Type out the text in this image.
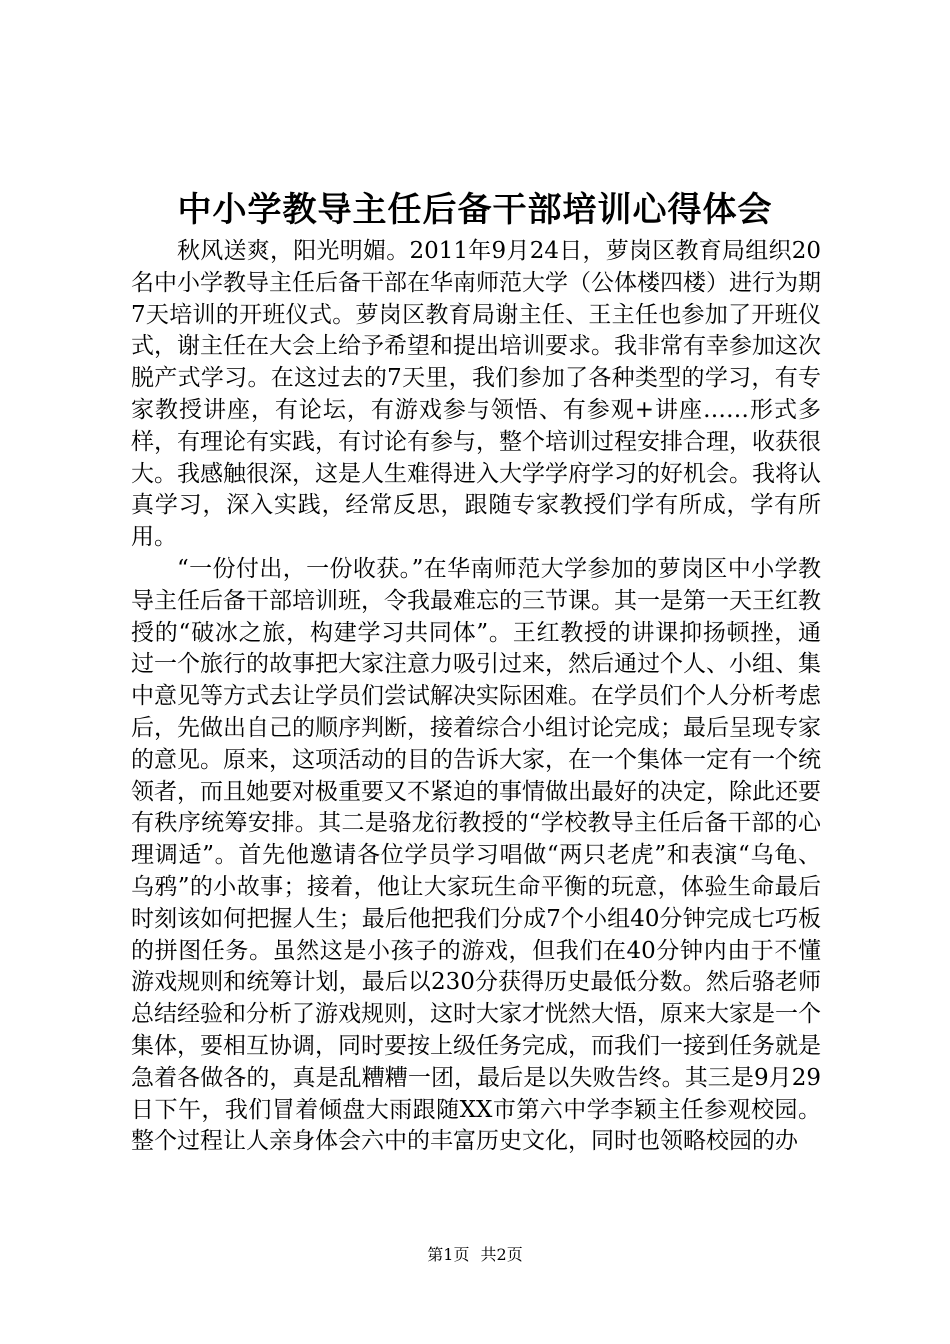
中小学教导主任后备干部培训心得体会

秋风送爽，阳光明媚。2011年9月24日，萝岗区教育局组织20名中小学教导主任后备干部在华南师范大学（公体楼四楼）进行为期7天培训的开班仪式。萝岗区教育局谢主任、王主任也参加了开班仪式，谢主任在大会上给予希望和提出培训要求。我非常有幸参加这次脱产式学习。在这过去的7天里，我们参加了各种类型的学习，有专家教授讲座，有论坛，有游戏参与领悟、有参观+讲座……形式多样，有理论有实践，有讨论有参与，整个培训过程安排合理，收获很大。我感触很深，这是人生难得进入大学学府学习的好机会。我将认真学习，深入实践，经常反思，跟随专家教授们学有所成，学有所用。

“一份付出，一份收获。”在华南师范大学参加的萝岗区中小学教导主任后备干部培训班，令我最难忘的三节课。其一是第一天王红教授的“破冰之旅，构建学习共同体”。王红教授的讲课抑扬顿挫，通过一个旅行的故事把大家注意力吸引过来，然后通过个人、小组、集中意见等方式去让学员们尝试解决实际困难。在学员们个人分析考虑后，先做出自己的顺序判断，接着综合小组讨论完成；最后呈现专家的意见。原来，这项活动的目的告诉大家，在一个集体一定有一个统领者，而且她要对极重要又不紧迫的事情做出最好的决定，除此还要有秩序统筹安排。其二是骆龙衍教授的“学校教导主任后备干部的心理调适”。首先他邀请各位学员学习唱做“两只老虎”和表演“乌龟、乌鸦”的小故事；接着，他让大家玩生命平衡的玩意，体验生命最后时刻该如何把握人生；最后他把我们分成7个小组40分钟完成七巧板的拼图任务。虽然这是小孩子的游戏，但我们在40分钟内由于不懂游戏规则和统筹计划，最后以230分获得历史最低分数。然后骆老师总结经验和分析了游戏规则，这时大家才恍然大悟，原来大家是一个集体，要相互协调，同时要按上级任务完成，而我们一接到任务就是急着各做各的，真是乱糟糟一团，最后是以失败告终。其三是9月29日下午，我们冒着倾盘大雨跟随XX市第六中学李颖主任参观校园。整个过程让人亲身体会六中的丰富历史文化，同时也领略校园的办

第1页 共2页
